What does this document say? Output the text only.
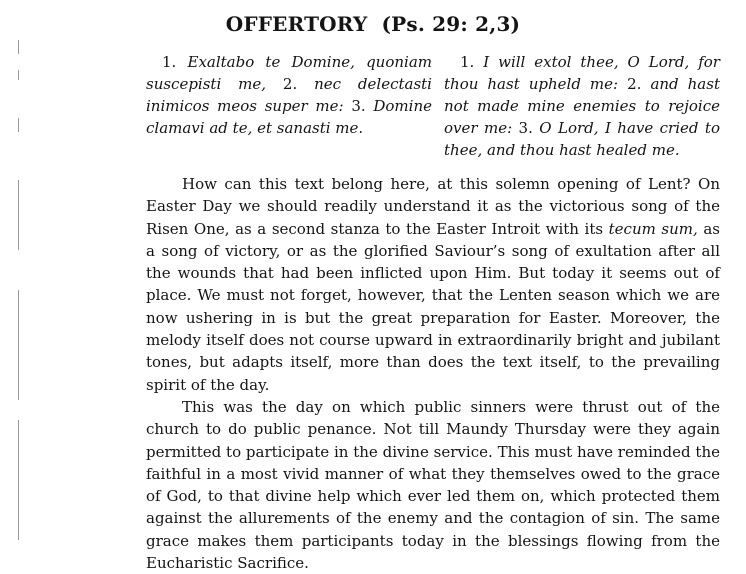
OFFERTORY (Ps. 29: 2,3)

1. Exaltabo te Domine, quoniam suscepisti me, 2. nec delectasti inimicos meos super me: 3. Domine clamavi ad te, et sanasti me.

1. I will extol thee, O Lord, for thou hast upheld me: 2. and hast not made mine enemies to rejoice over me: 3. O Lord, I have cried to thee, and thou hast healed me.

How can this text belong here, at this solemn opening of Lent? On Easter Day we should readily understand it as the victorious song of the Risen One, as a second stanza to the Easter Introit with its tecum sum, as a song of victory, or as the glorified Saviour’s song of exultation after all the wounds that had been inflicted upon Him. But today it seems out of place. We must not forget, however, that the Lenten season which we are now ushering in is but the great preparation for Easter. Moreover, the melody itself does not course upward in extraordinarily bright and jubilant tones, but adapts itself, more than does the text itself, to the prevailing spirit of the day.

This was the day on which public sinners were thrust out of the church to do public penance. Not till Maundy Thursday were they again permitted to participate in the divine service. This must have reminded the faithful in a most vivid manner of what they themselves owed to the grace of God, to that divine help which ever led them on, which protected them against the allurements of the enemy and the contagion of sin. The same grace makes them participants today in the blessings flowing from the Eucharistic Sacrifice.
